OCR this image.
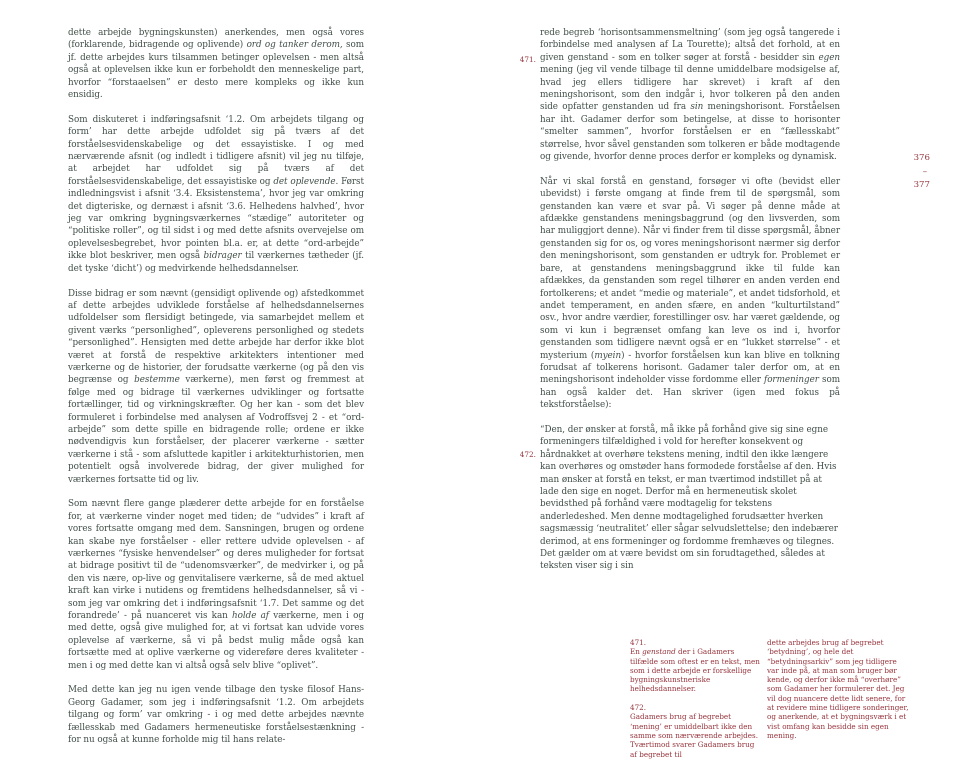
dette arbejde bygningskunsten) anerkendes, men også vores (forklarende, bidragende og oplivende) ord og tanker derom, som jf. dette arbejdes kurs tilsammen betinger oplevelsen - men altså også at oplevelsen ikke kun er forbeholdt den menneskelige part, hvorfor “forstaaelsen” er desto mere kompleks og ikke kun ensidig.

Som diskuteret i indføringsafsnit ‘1.2. Om arbejdets tilgang og form’ har dette arbejde udfoldet sig på tværs af det forståelsesvidenskabelige og det essayistiske. I og med nærværende afsnit (og indledt i tidligere afsnit) vil jeg nu tilføje, at arbejdet har udfoldet sig på tværs af det forståelsesvidenskabelige, det essayistiske og det oplevende. Først indledningsvist i afsnit ‘3.4. Eksistenstema’, hvor jeg var omkring det digteriske, og dernæst i afsnit ‘3.6. Helhedens halvhed’, hvor jeg var omkring bygningsværkernes “stædige” autoriteter og “politiske roller”, og til sidst i og med dette afsnits overvejelse om oplevelsesbegrebet, hvor pointen bl.a. er, at dette “ord-arbejde” ikke blot beskriver, men også bidrager til værkernes tætheder (jf. det tyske ‘dicht’) og medvirkende helhedsdannelser.

Disse bidrag er som nævnt (gensidigt oplivende og) afstedkommet af dette arbejdes udviklede forståelse af helhedsdannelsernes udfoldelser som flersidigt betingede, via samarbejdet mellem et givent værks “personlighed”, opleverens personlighed og stedets “personlighed”. Hensigten med dette arbejde har derfor ikke blot været at forstå de respektive arkitekters intentioner med værkerne og de historier, der forudsatte værkerne (og på den vis begrænse og bestemme værkerne), men først og fremmest at følge med og bidrage til værkernes udviklinger og fortsatte fortællinger, tid og virkningskræfter. Og her kan - som det blev formuleret i forbindelse med analysen af Vodroffsvej 2 - et “ord-arbejde” som dette spille en bidragende rolle; ordene er ikke nødvendigvis kun forståelser, der placerer værkerne - sætter værkerne i stå - som afsluttede kapitler i arkitekturhistorien, men potentielt også involverede bidrag, der giver mulighed for værkernes fortsatte tid og liv.

Som nævnt flere gange plæderer dette arbejde for en forståelse for, at værkerne vinder noget med tiden; de “udvides” i kraft af vores fortsatte omgang med dem. Sansningen, brugen og ordene kan skabe nye forståelser - eller rettere udvide oplevelsen - af værkernes “fysiske henvendelser” og deres muligheder for fortsat at bidrage positivt til de “udenomsværker”, de medvirker i, og på den vis nære, op-live og genvitalisere værkerne, så de med aktuel kraft kan virke i nutidens og fremtidens helhedsdannelser, så vi - som jeg var omkring det i indføringsafsnit ‘1.7. Det samme og det forandrede’ - på nuanceret vis kan holde af værkerne, men i og med dette, også give mulighed for, at vi fortsat kan udvide vores oplevelse af værkerne, så vi på bedst mulig måde også kan fortsætte med at oplive værkerne og videreføre deres kvaliteter - men i og med dette kan vi altså også selv blive “oplivet”.

Med dette kan jeg nu igen vende tilbage den tyske filosof Hans-Georg Gadamer, som jeg i indføringsafsnit ‘1.2. Om arbejdets tilgang og form’ var omkring - i og med dette arbejdes nævnte fællesskab med Gadamers hermeneutiske forståelsestænkning - for nu også at kunne forholde mig til hans relate-

rede begreb ‘horisontsammensmeltning’ (som jeg også tangerede i forbindelse med analysen af La Tourette); altså det forhold, at en given genstand - som en tolker søger at forstå - besidder sin egen mening (jeg vil vende tilbage til denne umiddelbare modsigelse af, hvad jeg ellers tidligere har skrevet) i kraft af den meningshorisont, som den indgår i, hvor tolkeren på den anden side opfatter genstanden ud fra sin meningshorisont. Forståelsen har iht. Gadamer derfor som betingelse, at disse to horisonter “smelter sammen”, hvorfor forståelsen er en “fællesskabt” størrelse, hvor såvel genstanden som tolkeren er både modtagende og givende, hvorfor denne proces derfor er kompleks og dynamisk.

Når vi skal forstå en genstand, forsøger vi ofte (bevidst eller ubevidst) i første omgang at finde frem til de spørgsmål, som genstanden kan være et svar på. Vi søger på denne måde at afdække genstandens meningsbaggrund (og den livsverden, som har muliggjort denne). Når vi finder frem til disse spørgsmål, åbner genstanden sig for os, og vores meningshorisont nærmer sig derfor den meningshorisont, som genstanden er udtryk for. Problemet er bare, at genstandens meningsbaggrund ikke til fulde kan afdækkes, da genstanden som regel tilhører en anden verden end fortolkerens; et andet “medie og materiale”, et andet tidsforhold, et andet temperament, en anden sfære, en anden “kulturtilstand” osv., hvor andre værdier, forestillinger osv. har været gældende, og som vi kun i begrænset omfang kan leve os ind i, hvorfor genstanden som tidligere nævnt også er en “lukket størrelse” - et mysterium (myein) - hvorfor forståelsen kun kan blive en tolkning forudsat af tolkerens horisont. Gadamer taler derfor om, at en meningshorisont indeholder visse fordomme eller formeninger som han også kalder det. Han skriver (igen med fokus på tekstforståelse):

“Den, der ønsker at forstå, må ikke på forhånd give sig sine egne formeningers tilfældighed i vold for herefter konsekvent og hårdnakket at overhøre tekstens mening, indtil den ikke længere kan overhøres og omstøder hans formodede forståelse af den. Hvis man ønsker at forstå en tekst, er man tværtimod indstillet på at lade den sige en noget. Derfor må en hermeneutisk skolet bevidsthed på forhånd være modtagelig for tekstens anderledeshed. Men denne modtagelighed forudsætter hverken sagsmæssig ‘neutralitet’ eller sågar selvudslettelse; den indebærer derimod, at ens formeninger og fordomme fremhæves og tilegnes. Det gælder om at være bevidst om sin forudtagethed, således at teksten viser sig i sin

471.
472.
376
–
377
471.
En genstand der i Gadamers tilfælde som oftest er en tekst, men som i dette arbejde er forskellige bygningskunstneriske helhedsdannelser.
472.
Gadamers brug af begrebet ‘mening’ er umiddelbart ikke den samme som nærværende arbejdes. Tværtimod svarer Gadamers brug af begrebet til
dette arbejdes brug af begrebet ‘betydning’, og hele det “betydningsarkiv” som jeg tidligere var inde på, at man som bruger bør kende, og derfor ikke må “overhøre” som Gadamer her formulerer det. Jeg vil dog nuancere dette lidt senere, for at revidere mine tidligere sonderinger, og anerkende, at et bygningsværk i et vist omfang kan besidde sin egen mening.
